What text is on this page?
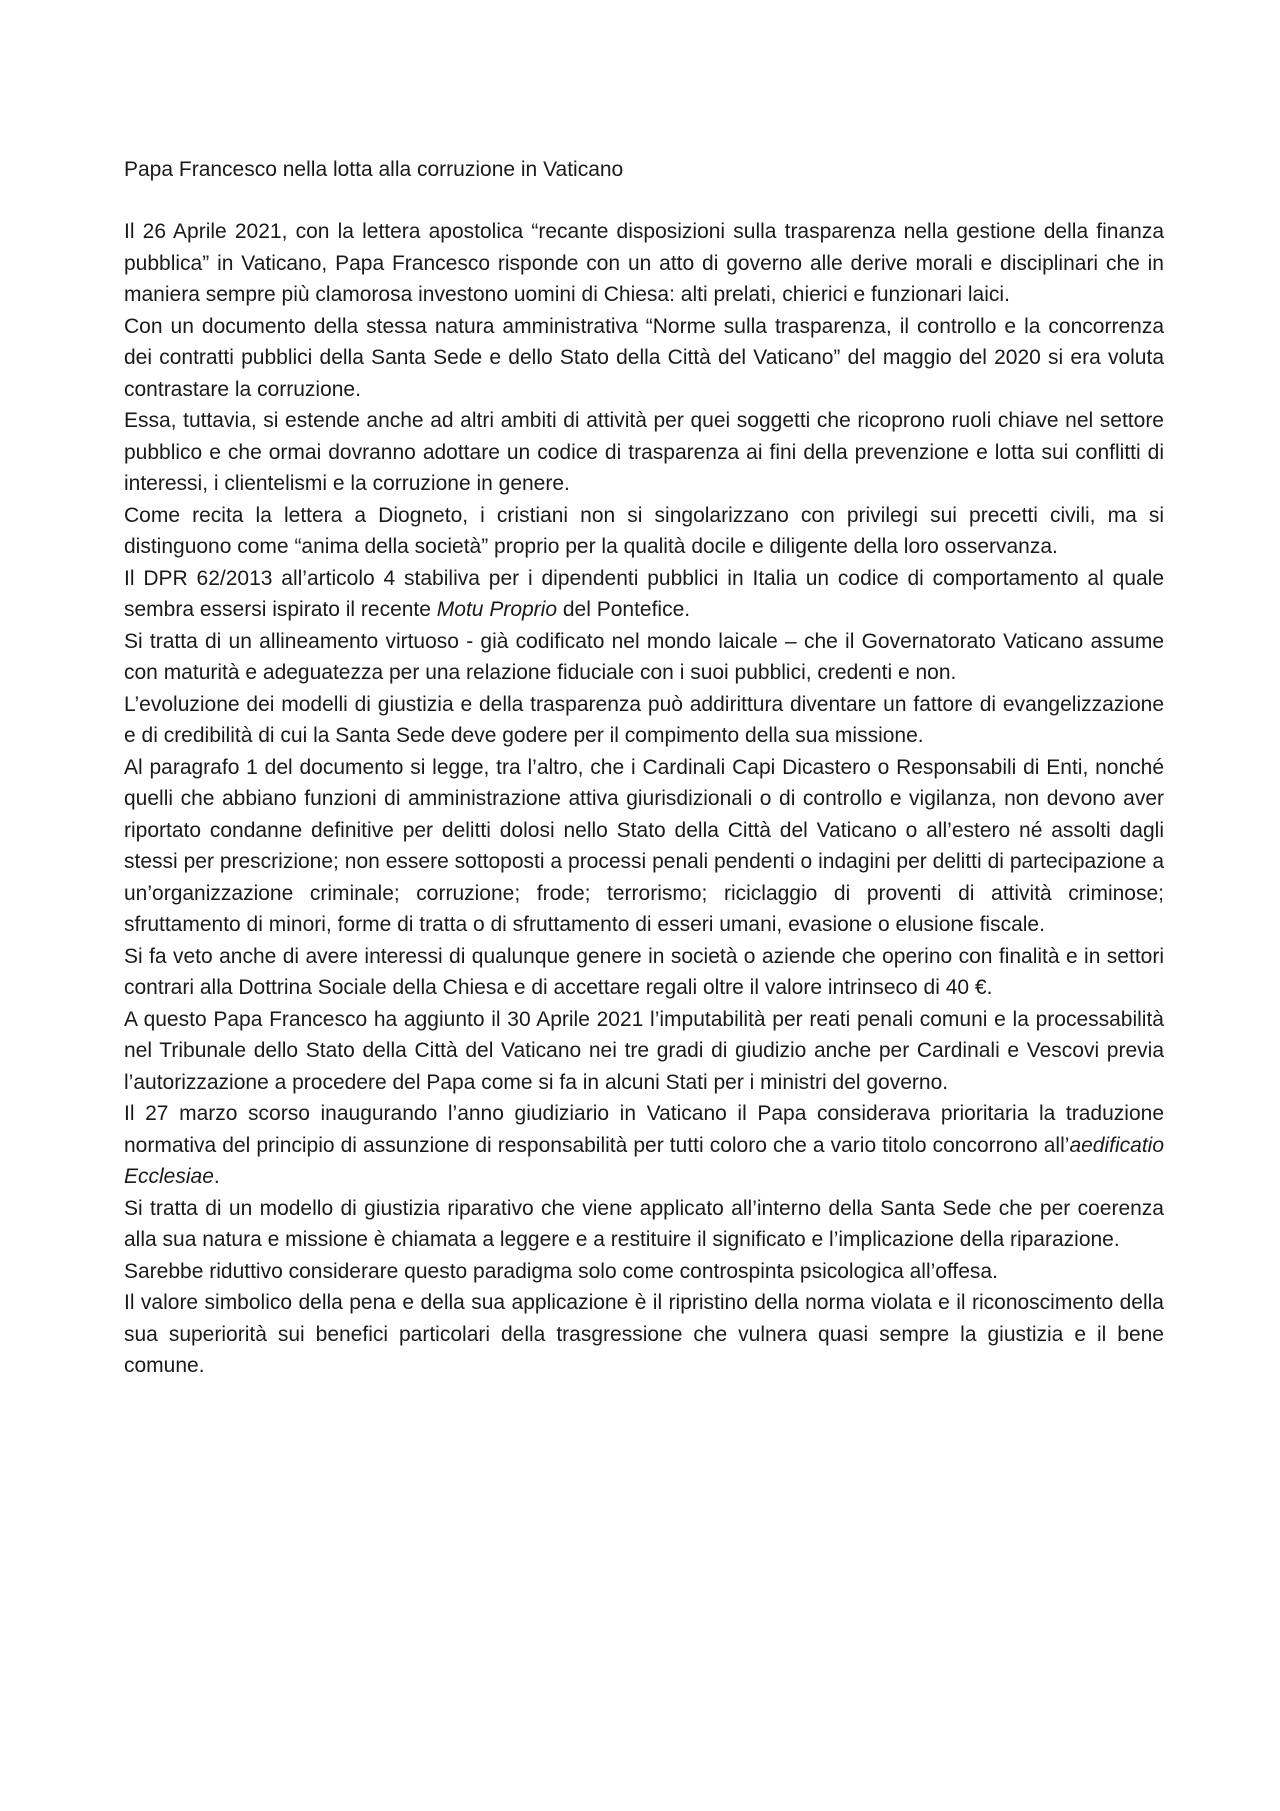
Papa Francesco nella lotta alla corruzione in Vaticano

Il 26 Aprile 2021, con la lettera apostolica “recante disposizioni sulla trasparenza nella gestione della finanza pubblica” in Vaticano, Papa Francesco risponde con un atto di governo alle derive morali e disciplinari che in maniera sempre più clamorosa investono uomini di Chiesa: alti prelati, chierici e funzionari laici.

Con un documento della stessa natura amministrativa “Norme sulla trasparenza, il controllo e la concorrenza dei contratti pubblici della Santa Sede e dello Stato della Città del Vaticano” del maggio del 2020 si era voluta contrastare la corruzione.

Essa, tuttavia, si estende anche ad altri ambiti di attività per quei soggetti che ricoprono ruoli chiave nel settore pubblico e che ormai dovranno adottare un codice di trasparenza ai fini della prevenzione e lotta sui conflitti di interessi, i clientelismi e la corruzione in genere.

Come recita la lettera a Diogneto, i cristiani non si singolarizzano con privilegi sui precetti civili, ma si distinguono come “anima della società” proprio per la qualità docile e diligente della loro osservanza.

Il DPR 62/2013 all’articolo 4 stabiliva per i dipendenti pubblici in Italia un codice di comportamento al quale sembra essersi ispirato il recente Motu Proprio del Pontefice.

Si tratta di un allineamento virtuoso - già codificato nel mondo laicale – che il Governatorato Vaticano assume con maturità e adeguatezza per una relazione fiduciale con i suoi pubblici, credenti e non.

L’evoluzione dei modelli di giustizia e della trasparenza può addirittura diventare un fattore di evangelizzazione e di credibilità di cui la Santa Sede deve godere per il compimento della sua missione.

Al paragrafo 1 del documento si legge, tra l’altro, che i Cardinali Capi Dicastero o Responsabili di Enti, nonché quelli che abbiano funzioni di amministrazione attiva giurisdizionali o di controllo e vigilanza, non devono aver riportato condanne definitive per delitti dolosi nello Stato della Città del Vaticano o all’estero né assolti dagli stessi per prescrizione; non essere sottoposti a processi penali pendenti o indagini per delitti di partecipazione a un’organizzazione criminale; corruzione; frode; terrorismo; riciclaggio di proventi di attività criminose; sfruttamento di minori, forme di tratta o di sfruttamento di esseri umani, evasione o elusione fiscale.

Si fa veto anche di avere interessi di qualunque genere in società o aziende che operino con finalità e in settori contrari alla Dottrina Sociale della Chiesa e di accettare regali oltre il valore intrinseco di 40 €.

A questo Papa Francesco ha aggiunto il 30 Aprile 2021 l’imputabilità per reati penali comuni e la processabilità nel Tribunale dello Stato della Città del Vaticano nei tre gradi di giudizio anche per Cardinali e Vescovi previa l’autorizzazione a procedere del Papa come si fa in alcuni Stati per i ministri del governo.

Il 27 marzo scorso inaugurando l’anno giudiziario in Vaticano il Papa considerava prioritaria la traduzione normativa del principio di assunzione di responsabilità per tutti coloro che a vario titolo concorrono all’aedificatio Ecclesiae.

Si tratta di un modello di giustizia riparativo che viene applicato all’interno della Santa Sede che per coerenza alla sua natura e missione è chiamata a leggere e a restituire il significato e l’implicazione della riparazione.

Sarebbe riduttivo considerare questo paradigma solo come controspinta psicologica all’offesa.

Il valore simbolico della pena e della sua applicazione è il ripristino della norma violata e il riconoscimento della sua superiorità sui benefici particolari della trasgressione che vulnera quasi sempre la giustizia e il bene comune.
